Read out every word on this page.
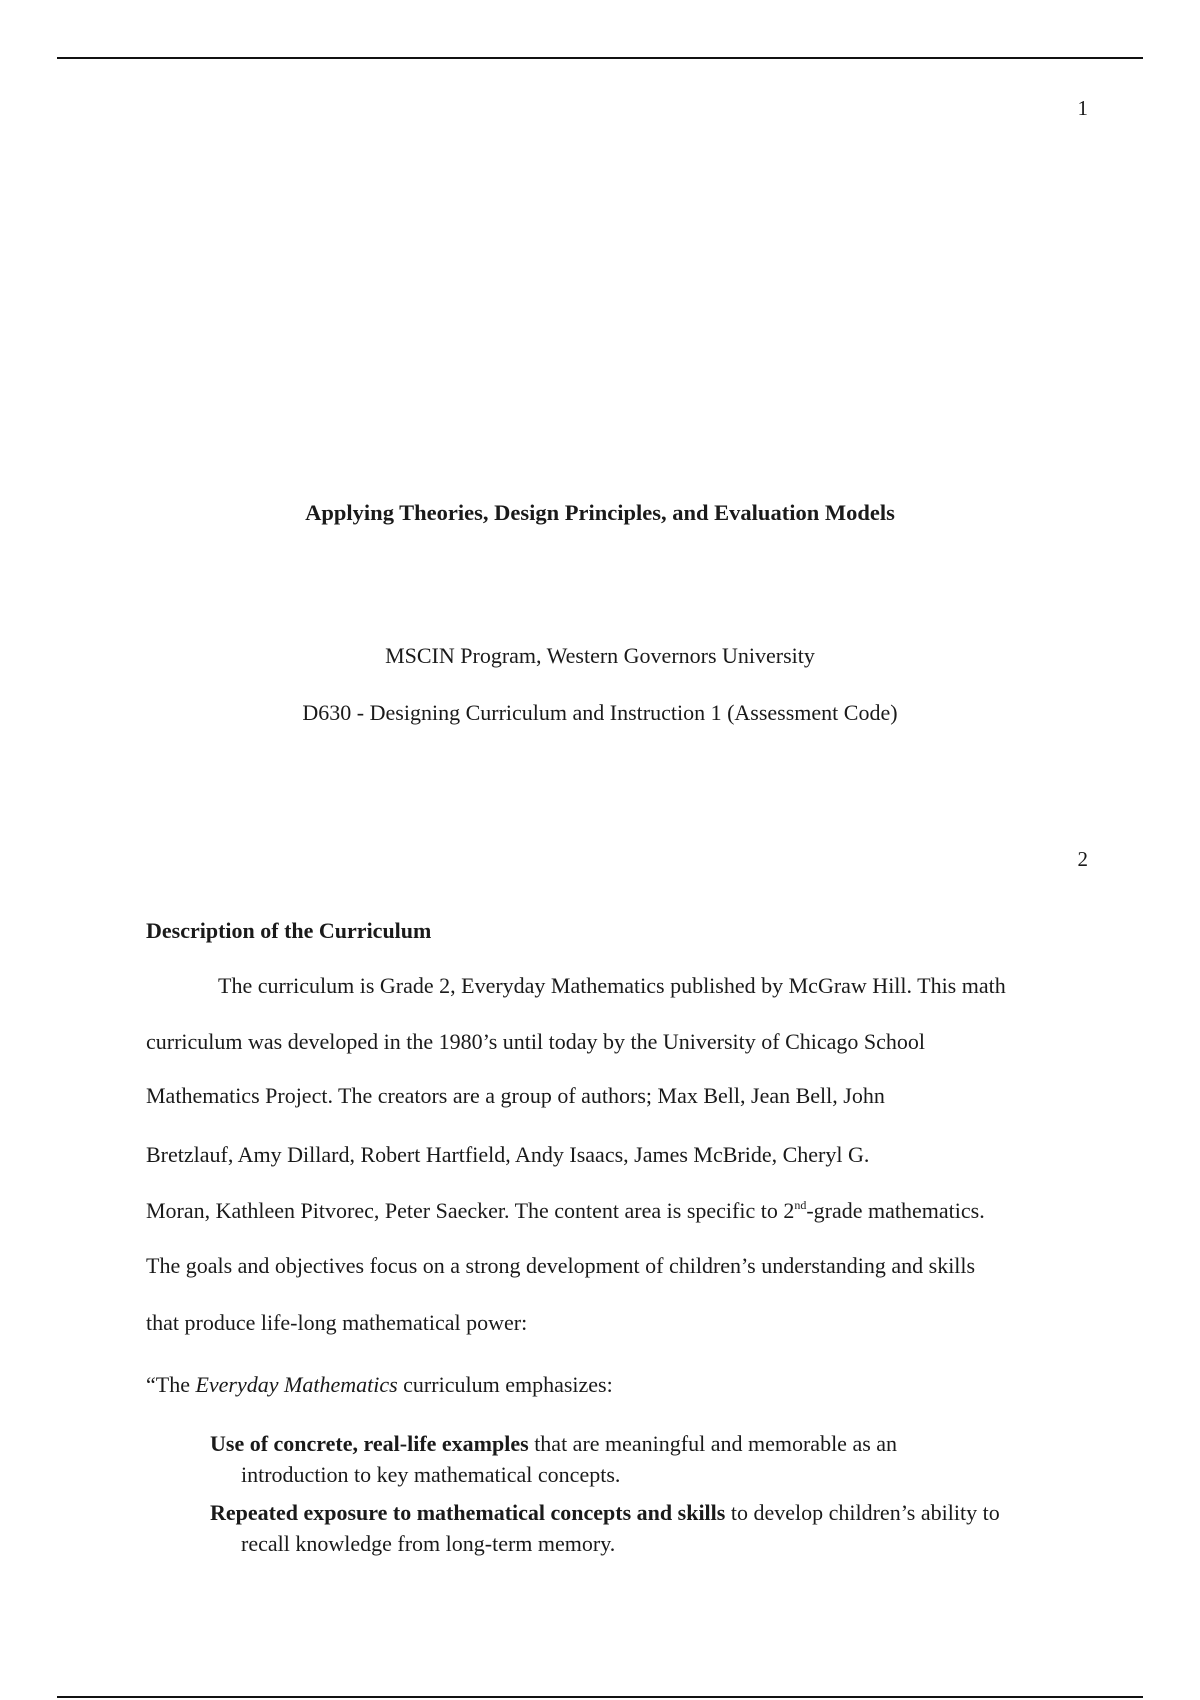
1
Applying Theories, Design Principles, and Evaluation Models
MSCIN Program, Western Governors University
D630 - Designing Curriculum and Instruction 1 (Assessment Code)
2
Description of the Curriculum
The curriculum is Grade 2, Everyday Mathematics published by McGraw Hill. This math
curriculum was developed in the 1980’s until today by the University of Chicago School
Mathematics Project. The creators are a group of authors; Max Bell, Jean Bell, John
Bretzlauf, Amy Dillard, Robert Hartfield, Andy Isaacs, James McBride, Cheryl G.
Moran, Kathleen Pitvorec, Peter Saecker. The content area is specific to 2nd-grade mathematics.
The goals and objectives focus on a strong development of children’s understanding and skills
that produce life-long mathematical power:
“The Everyday Mathematics curriculum emphasizes:
Use of concrete, real-life examples that are meaningful and memorable as an
introduction to key mathematical concepts.
Repeated exposure to mathematical concepts and skills to develop children’s ability to
recall knowledge from long-term memory.
